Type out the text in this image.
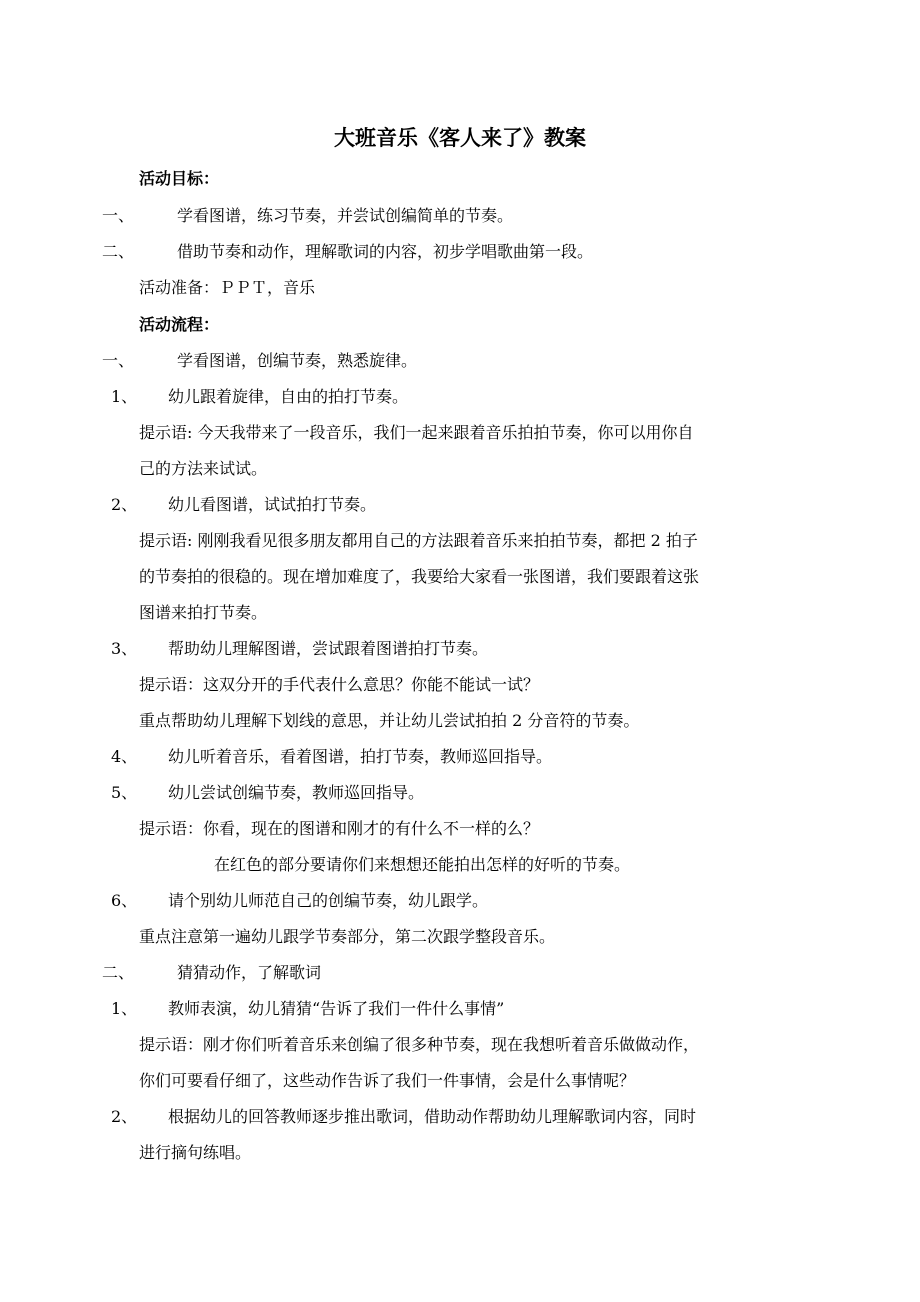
大班音乐《客人来了》教案
活动目标：
一、	学看图谱，练习节奏，并尝试创编简单的节奏。
二、	借助节奏和动作，理解歌词的内容，初步学唱歌曲第一段。
活动准备：ＰＰＴ，音乐
活动流程：
一、	学看图谱，创编节奏，熟悉旋律。
1、 幼儿跟着旋律，自由的拍打节奏。
提示语: 今天我带来了一段音乐，我们一起来跟着音乐拍拍节奏，你可以用你自
己的方法来试试。
2、 幼儿看图谱，试试拍打节奏。
提示语: 刚刚我看见很多朋友都用自己的方法跟着音乐来拍拍节奏，都把 2 拍子
的节奏拍的很稳的。现在增加难度了，我要给大家看一张图谱，我们要跟着这张
图谱来拍打节奏。
3、 帮助幼儿理解图谱，尝试跟着图谱拍打节奏。
提示语：这双分开的手代表什么意思？你能不能试一试？
重点帮助幼儿理解下划线的意思，并让幼儿尝试拍拍 2 分音符的节奏。
4、 幼儿听着音乐，看着图谱，拍打节奏，教师巡回指导。
5、 幼儿尝试创编节奏，教师巡回指导。
提示语：你看，现在的图谱和刚才的有什么不一样的么？
在红色的部分要请你们来想想还能拍出怎样的好听的节奏。
6、 请个别幼儿师范自己的创编节奏，幼儿跟学。
重点注意第一遍幼儿跟学节奏部分，第二次跟学整段音乐。
二、	猜猜动作，了解歌词
1、 教师表演，幼儿猜猜“告诉了我们一件什么事情”
提示语：刚才你们听着音乐来创编了很多种节奏，现在我想听着音乐做做动作，
你们可要看仔细了，这些动作告诉了我们一件事情，会是什么事情呢？
2、 根据幼儿的回答教师逐步推出歌词，借助动作帮助幼儿理解歌词内容，同时
进行摘句练唱。
